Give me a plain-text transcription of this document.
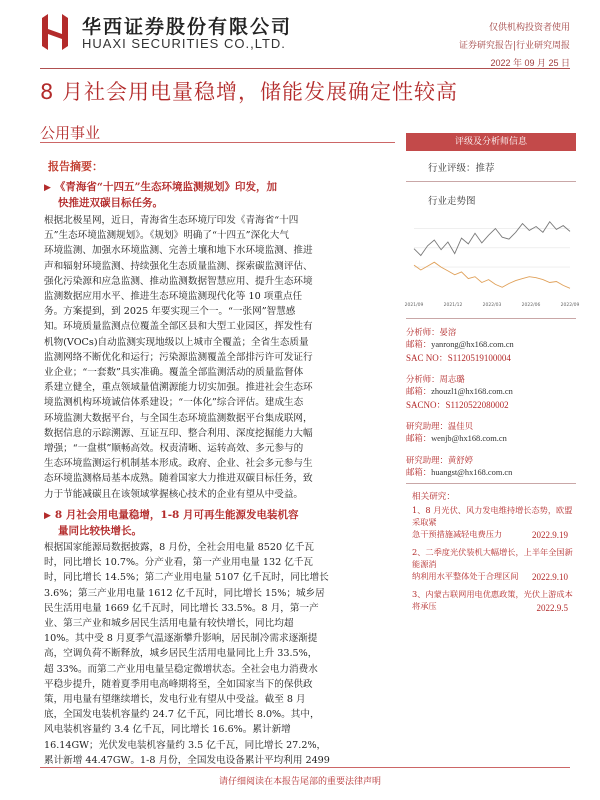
华西证券股份有限公司
HUAXI SECURITIES CO.,LTD.
仅供机构投资者使用
证券研究报告|行业研究周报
2022 年 09 月 25 日
8 月社会用电量稳增，储能发展确定性较高
公用事业
报告摘要：
▶ 《青海省“十四五”生态环境监测规划》印发，加
快推进双碳目标任务。
根据北极星网，近日，青海省生态环境厅印发《青海省“十四
五”生态环境监测规划》。《规划》明确了“十四五”深化大气
环境监测、加强水环境监测、完善土壤和地下水环境监测、推进
声和辐射环境监测、持续强化生态质量监测、探索碳监测评估、
强化污染源和应急监测、推动监测数据智慧应用、提升生态环境
监测数据应用水平、推进生态环境监测现代化等 10 项重点任
务。方案提到，到 2025 年要实现三个一。“一张网”智慧感
知。环境质量监测点位覆盖全部区县和大型工业园区，挥发性有
机物(VOCs)自动监测实现地级以上城市全覆盖；全省生态质量
监测网络不断优化和运行；污染源监测覆盖全部排污许可发证行
业企业；“一套数”具实准确。覆盖全部监测活动的质量监督体
系建立健全，重点领域量值溯源能力切实加强。推进社会生态环
境监测机构环境诚信体系建设；“一体化”综合评估。建成生态
环境监测大数据平台，与全国生态环境监测数据平台集成联网，
数据信息的示踪溯源、互证互印、整合利用、深度挖掘能力大幅
增强；“一盘棋”顺畅高效。权责清晰、运转高效、多元参与的
生态环境监测运行机制基本形成。政府、企业、社会多元参与生
态环境监测格局基本成熟。随着国家大力推进双碳目标任务，致
力于节能减碳且在该领域掌握核心技术的企业有望从中受益。
▶ 8 月社会用电量稳增，1-8 月可再生能源发电装机容
量同比较快增长。
根据国家能源局数据披露，8 月份，全社会用电量 8520 亿千瓦
时，同比增长 10.7%。分产业看，第一产业用电量 132 亿千瓦
时，同比增长 14.5%；第二产业用电量 5107 亿千瓦时，同比增长
3.6%；第三产业用电量 1612 亿千瓦时，同比增长 15%；城乡居
民生活用电量 1669 亿千瓦时，同比增长 33.5%。8 月，第一产
业、第三产业和城乡居民生活用电量有较快增长，同比均超
10%。其中受 8 月夏季气温逐渐攀升影响，居民制冷需求逐渐提
高，空调负荷不断释放，城乡居民生活用电量同比上升 33.5%，
超 33%。而第二产业用电量呈稳定微增状态。全社会电力消费水
平稳步提升，随着夏季用电高峰期将至，全如国家当下的保供政
策，用电量有望继续增长，发电行业有望从中受益。截至 8 月
底，全国发电装机容量约 24.7 亿千瓦，同比增长 8.0%。其中，
风电装机容量约 3.4 亿千瓦，同比增长 16.6%。累计新增
16.14GW；光伏发电装机容量约 3.5 亿千瓦，同比增长 27.2%，
累计新增 44.47GW。1-8 月份，全国发电设备累计平均利用 2499
评级及分析师信息
行业评级：推荐
行业走势图
2021/09	2021/12	2022/03	2022/06	2022/09
分析师：晏溶
邮箱：yanrong@hx168.com.cn
SAC NO：S1120519100004
分析师：周志璐
邮箱：zhouzl1@hx168.com.cn
SACNO：S1120522080002
研究助理：温佳贝
邮箱：wenjb@hx168.com.cn
研究助理：黄舒婷
邮箱：huangst@hx168.com.cn
相关研究：
1、8 月光伏、风力发电维持增长态势，欧盟采取紧
急干预措施减轻电费压力	2022.9.19
2、二季度光伏装机大幅增长，上半年全国新能源消
纳利用水平整体处于合理区间	2022.9.10
3、内蒙古联网用电优惠政策，光伏上游成本将承压	2022.9.5
请仔细阅读在本报告尾部的重要法律声明
